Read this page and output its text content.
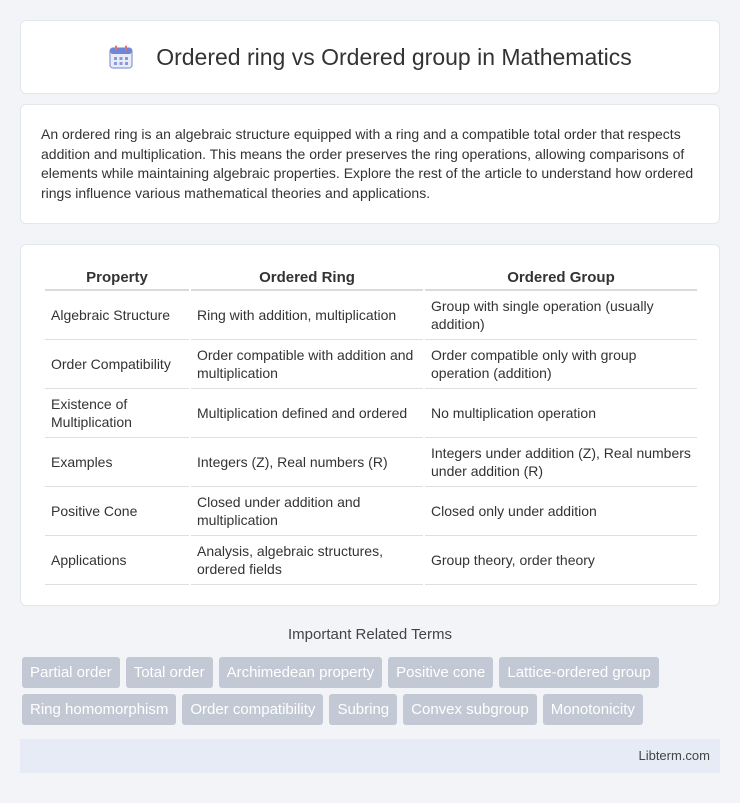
Ordered ring vs Ordered group in Mathematics

An ordered ring is an algebraic structure equipped with a ring and a compatible total order that respects addition and multiplication. This means the order preserves the ring operations, allowing comparisons of elements while maintaining algebraic properties. Explore the rest of the article to understand how ordered rings influence various mathematical theories and applications.

Property	Ordered Ring	Ordered Group
Algebraic Structure	Ring with addition, multiplication	Group with single operation (usually addition)
Order Compatibility	Order compatible with addition and multiplication	Order compatible only with group operation (addition)
Existence of Multiplication	Multiplication defined and ordered	No multiplication operation
Examples	Integers (Z), Real numbers (R)	Integers under addition (Z), Real numbers under addition (R)
Positive Cone	Closed under addition and multiplication	Closed only under addition
Applications	Analysis, algebraic structures, ordered fields	Group theory, order theory
Important Related Terms
Partial order	Total order	Archimedean property	Positive cone	Lattice-ordered group
Ring homomorphism	Order compatibility	Subring	Convex subgroup	Monotonicity
Libterm.com
